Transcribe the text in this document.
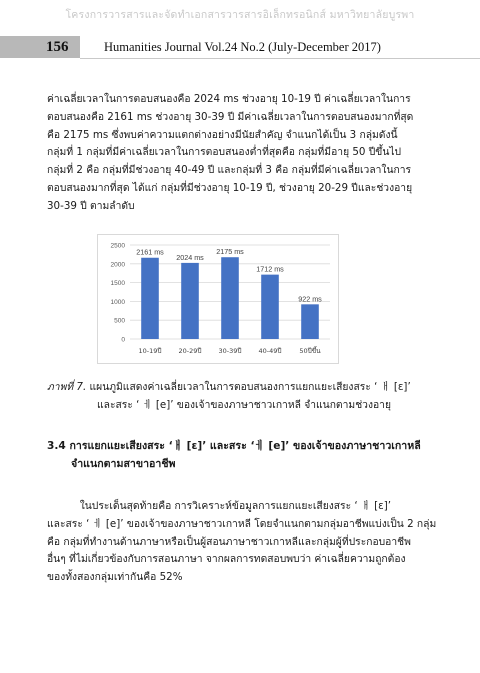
โครงการวารสารและจัดทำเอกสารวารสารอิเล็กทรอนิกส์ มหาวิทยาลัยบูรพา
156	Humanities Journal Vol.24 No.2 (July-December 2017)
ค่าเฉลี่ยเวลาในการตอบสนองคือ 2024 ms ช่วงอายุ 10-19 ปี ค่าเฉลี่ยเวลาในการ
ตอบสนองคือ 2161 ms ช่วงอายุ 30-39 ปี มีค่าเฉลี่ยเวลาในการตอบสนองมากที่สุด
คือ 2175 ms ซึ่งพบค่าความแตกต่างอย่างมีนัยสำคัญ จำแนกได้เป็น 3 กลุ่มดังนี้
กลุ่มที่ 1 กลุ่มที่มีค่าเฉลี่ยเวลาในการตอบสนองต่ำที่สุดคือ กลุ่มที่มีอายุ 50 ปีขึ้นไป
กลุ่มที่ 2 คือ กลุ่มที่มีช่วงอายุ 40-49 ปี และกลุ่มที่ 3 คือ กลุ่มที่มีค่าเฉลี่ยเวลาในการ
ตอบสนองมากที่สุด ได้แก่ กลุ่มที่มีช่วงอายุ 10-19 ปี, ช่วงอายุ 20-29 ปีและช่วงอายุ
30-39 ปี ตามลำดับ
0
500
1000
1500
2000
2500
2161 ms
10-19ปี
2024 ms
20-29ปี
2175 ms
30-39ปี
1712 ms
40-49ปี
922 ms
50ปีขึ้น
ภาพที่ 7. แผนภูมิแสดงค่าเฉลี่ยเวลาในการตอบสนองการแยกแยะเสียงสระ ‘ ㅐ [ε]’
และสระ ‘ ㅔ [e]’ ของเจ้าของภาษาชาวเกาหลี จำแนกตามช่วงอายุ
3.4 การแยกแยะเสียงสระ ‘ㅐ [ε]’ และสระ ‘ㅔ [e]’ ของเจ้าของภาษาชาวเกาหลี
จำแนกตามสาขาอาชีพ
ในประเด็นสุดท้ายคือ การวิเคราะห์ข้อมูลการแยกแยะเสียงสระ ‘ ㅐ [ε]’
และสระ ‘ ㅔ [e]’ ของเจ้าของภาษาชาวเกาหลี โดยจำแนกตามกลุ่มอาชีพแบ่งเป็น 2 กลุ่ม
คือ กลุ่มที่ทำงานด้านภาษาหรือเป็นผู้สอนภาษาชาวเกาหลีและกลุ่มผู้ที่ประกอบอาชีพ
อื่นๆ ที่ไม่เกี่ยวข้องกับการสอนภาษา จากผลการทดสอบพบว่า ค่าเฉลี่ยความถูกต้อง
ของทั้งสองกลุ่มเท่ากันคือ 52%
